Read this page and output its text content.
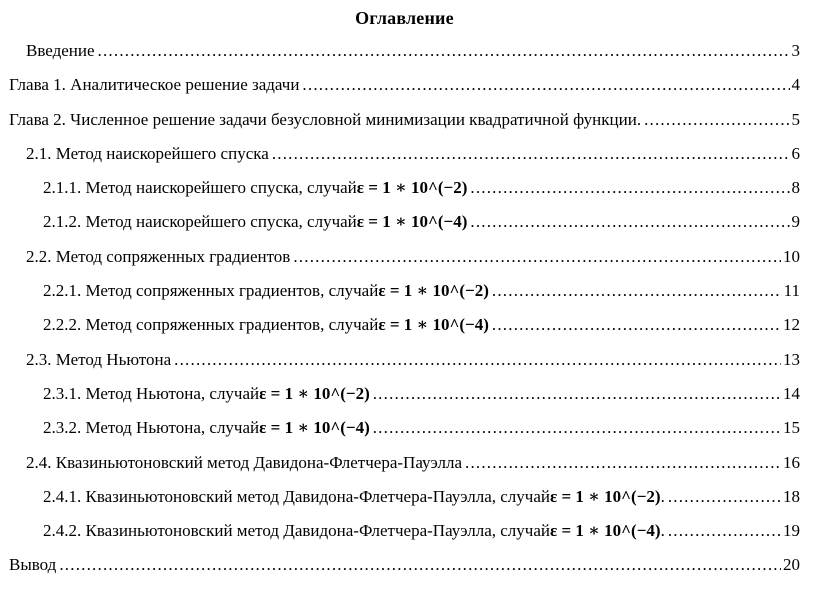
Оглавление
Введение .....	3
Глава 1. Аналитическое решение задачи .....	4
Глава 2. Численное решение задачи безусловной минимизации квадратичной функции. .....	5
2.1. Метод наискорейшего спуска .....	6
2.1.1. Метод наискорейшего спуска, случай ε = 1 ∗ 10^(−2) .....	8
2.1.2. Метод наискорейшего спуска, случай ε = 1 ∗ 10^(−4) .....	9
2.2. Метод сопряженных градиентов .....	10
2.2.1. Метод сопряженных градиентов, случай ε = 1 ∗ 10^(−2) .....	11
2.2.2. Метод сопряженных градиентов, случай ε = 1 ∗ 10^(−4) .....	12
2.3. Метод Ньютона .....	13
2.3.1. Метод Ньютона, случай ε = 1 ∗ 10^(−2) .....	14
2.3.2. Метод Ньютона, случай ε = 1 ∗ 10^(−4) .....	15
2.4. Квазиньютоновский метод Давидона-Флетчера-Пауэлла .....	16
2.4.1. Квазиньютоновский метод Давидона-Флетчера-Пауэлла, случай ε = 1 ∗ 10^(−2) . .....	18
2.4.2. Квазиньютоновский метод Давидона-Флетчера-Пауэлла, случай ε = 1 ∗ 10^(−4) . .....	19
Вывод .....	20
